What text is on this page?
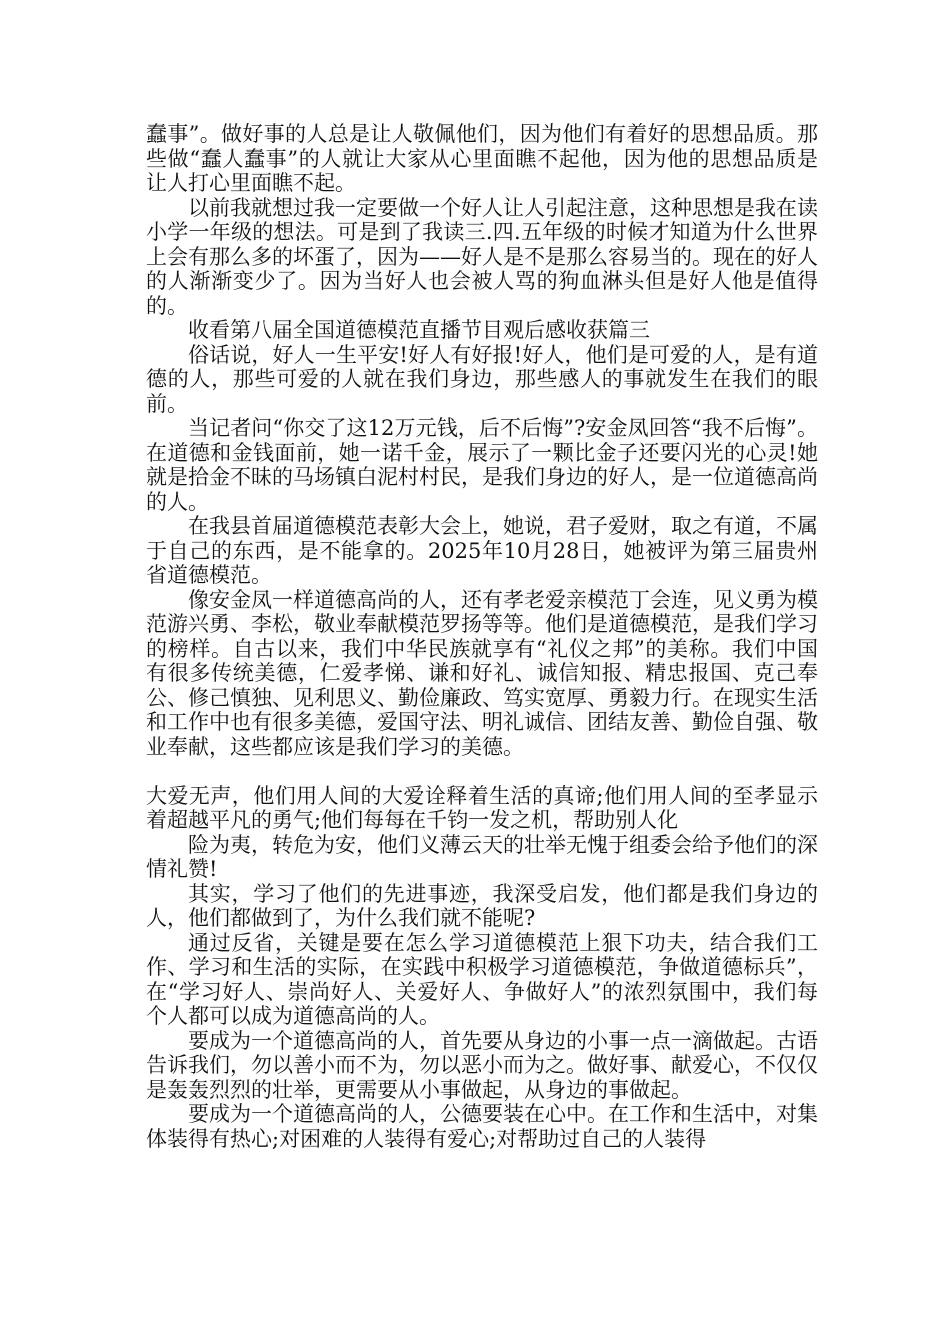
蠢事”。做好事的人总是让人敬佩他们，因为他们有着好的思想品质。那些做“蠢人蠢事”的人就让大家从心里面瞧不起他，因为他的思想品质是让人打心里面瞧不起。

以前我就想过我一定要做一个好人让人引起注意，这种思想是我在读小学一年级的想法。可是到了我读三.四.五年级的时候才知道为什么世界上会有那么多的坏蛋了，因为——好人是不是那么容易当的。现在的好人的人渐渐变少了。因为当好人也会被人骂的狗血淋头但是好人他是值得的。

收看第八届全国道德模范直播节目观后感收获篇三

俗话说，好人一生平安!好人有好报!好人，他们是可爱的人，是有道德的人，那些可爱的人就在我们身边，那些感人的事就发生在我们的眼前。

当记者问“你交了这12万元钱，后不后悔”?安金凤回答“我不后悔”。在道德和金钱面前，她一诺千金，展示了一颗比金子还要闪光的心灵!她就是拾金不昧的马场镇白泥村村民，是我们身边的好人，是一位道德高尚的人。

在我县首届道德模范表彰大会上，她说，君子爱财，取之有道，不属于自己的东西，是不能拿的。2025年10月28日，她被评为第三届贵州省道德模范。

像安金凤一样道德高尚的人，还有孝老爱亲模范丁会连，见义勇为模范游兴勇、李松，敬业奉献模范罗扬等等。他们是道德模范，是我们学习的榜样。自古以来，我们中华民族就享有“礼仪之邦”的美称。我们中国有很多传统美德，仁爱孝悌、谦和好礼、诚信知报、精忠报国、克己奉公、修己慎独、见利思义、勤俭廉政、笃实宽厚、勇毅力行。在现实生活和工作中也有很多美德，爱国守法、明礼诚信、团结友善、勤俭自强、敬业奉献，这些都应该是我们学习的美德。

大爱无声，他们用人间的大爱诠释着生活的真谛;他们用人间的至孝显示着超越平凡的勇气;他们每每在千钧一发之机，帮助别人化

险为夷，转危为安，他们义薄云天的壮举无愧于组委会给予他们的深情礼赞!

其实，学习了他们的先进事迹，我深受启发，他们都是我们身边的人，他们都做到了，为什么我们就不能呢?

通过反省，关键是要在怎么学习道德模范上狠下功夫，结合我们工作、学习和生活的实际，在实践中积极学习道德模范，争做道德标兵”，在“学习好人、崇尚好人、关爱好人、争做好人”的浓烈氛围中，我们每个人都可以成为道德高尚的人。

要成为一个道德高尚的人，首先要从身边的小事一点一滴做起。古语告诉我们，勿以善小而不为，勿以恶小而为之。做好事、献爱心，不仅仅是轰轰烈烈的壮举，更需要从小事做起，从身边的事做起。

要成为一个道德高尚的人，公德要装在心中。在工作和生活中，对集体装得有热心;对困难的人装得有爱心;对帮助过自己的人装得
